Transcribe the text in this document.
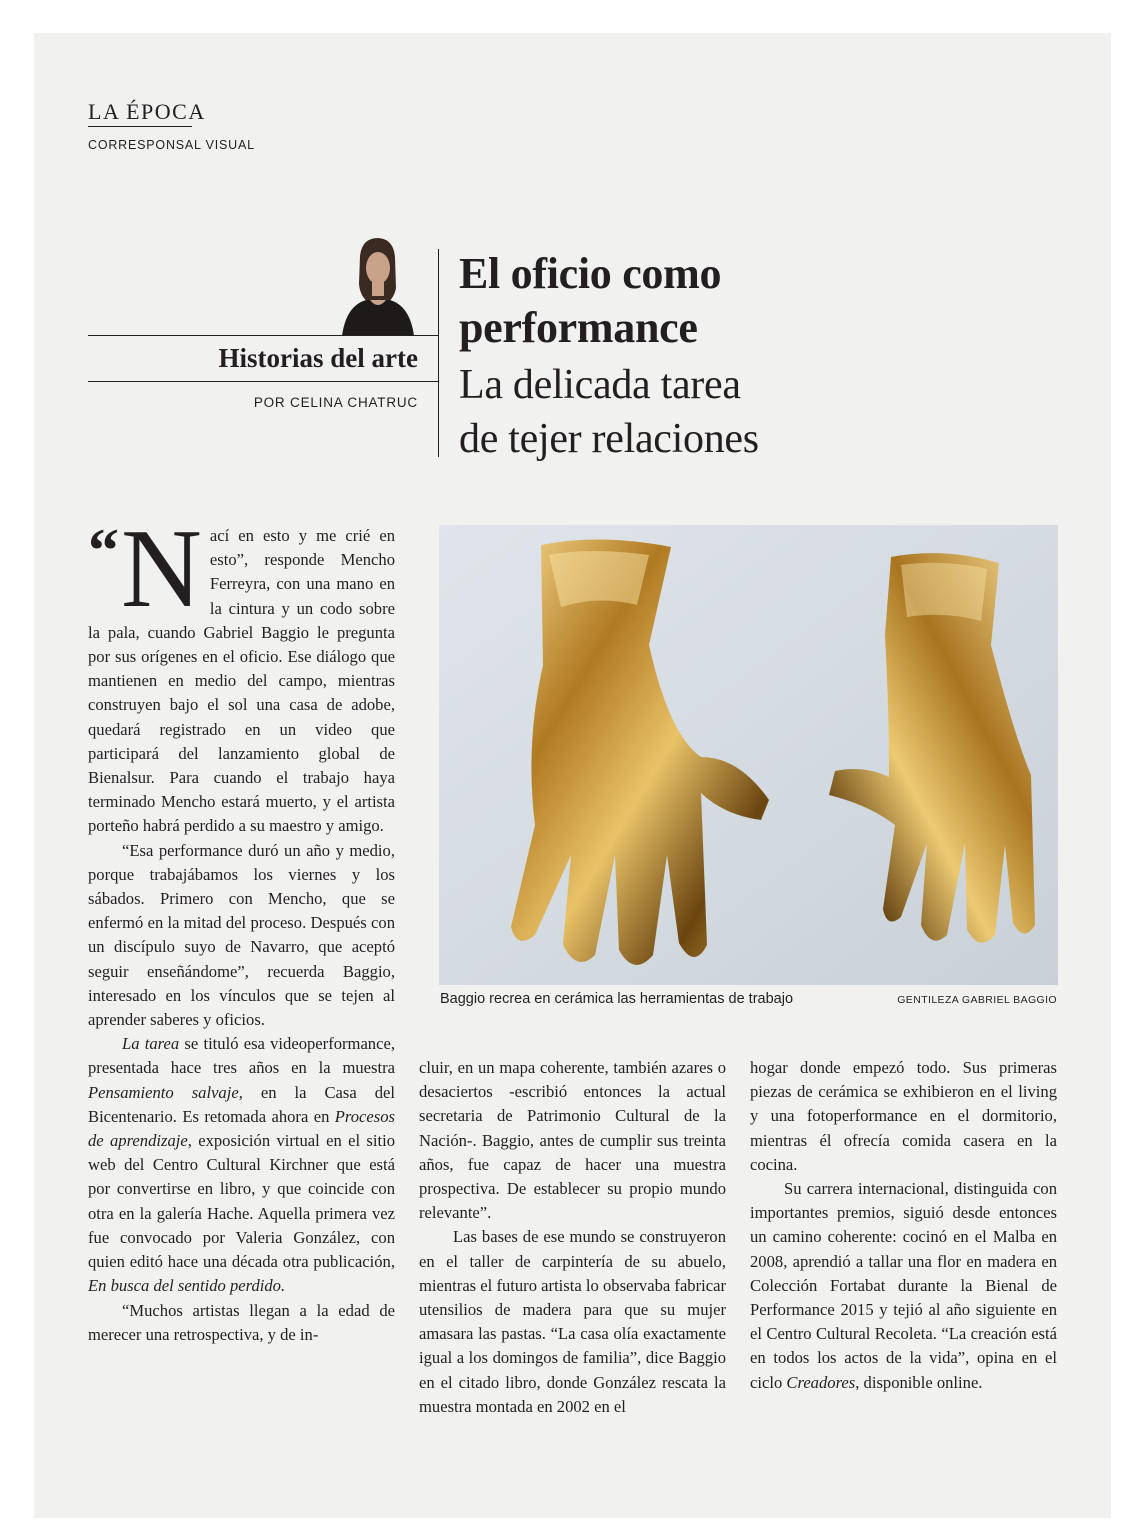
LA ÉPOCA
CORRESPONSAL VISUAL
Historias del arte
POR CELINA CHATRUC
El oficio como
performance
La delicada tarea
de tejer relaciones

“ N ací en esto y me crié en esto”, responde Mencho Ferreyra, con una mano en la cintura y un codo sobre la pala, cuando Gabriel Baggio le pregunta por sus orígenes en el oficio. Ese diálogo que mantienen en medio del campo, mientras construyen bajo el sol una casa de adobe, quedará registrado en un video que participará del lanzamiento global de Bienalsur. Para cuando el trabajo haya terminado Mencho estará muerto, y el artista porteño habrá perdido a su maestro y amigo.

“Esa performance duró un año y medio, porque trabajábamos los viernes y los sábados. Primero con Mencho, que se enfermó en la mitad del proceso. Después con un discípulo suyo de Navarro, que aceptó seguir enseñándome”, recuerda Baggio, interesado en los vínculos que se tejen al aprender saberes y oficios.

La tarea se tituló esa videoperformance, presentada hace tres años en la muestra Pensamiento salvaje, en la Casa del Bicentenario. Es retomada ahora en Procesos de aprendizaje, exposición virtual en el sitio web del Centro Cultural Kirchner que está por convertirse en libro, y que coincide con otra en la galería Hache. Aquella primera vez fue convocado por Valeria González, con quien editó hace una década otra publicación, En busca del sentido perdido.

“Muchos artistas llegan a la edad de merecer una retrospectiva, y de in-

Baggio recrea en cerámica las herramientas de trabajo	GENTILEZA GABRIEL BAGGIO

cluir, en un mapa coherente, también azares o desaciertos -escribió entonces la actual secretaria de Patrimonio Cultural de la Nación-. Baggio, antes de cumplir sus treinta años, fue capaz de hacer una muestra prospectiva. De establecer su propio mundo relevante”.

Las bases de ese mundo se construyeron en el taller de carpintería de su abuelo, mientras el futuro artista lo observaba fabricar utensilios de madera para que su mujer amasara las pastas. “La casa olía exactamente igual a los domingos de familia”, dice Baggio en el citado libro, donde González rescata la muestra montada en 2002 en el

hogar donde empezó todo. Sus primeras piezas de cerámica se exhibieron en el living y una fotoperformance en el dormitorio, mientras él ofrecía comida casera en la cocina.

Su carrera internacional, distinguida con importantes premios, siguió desde entonces un camino coherente: cocinó en el Malba en 2008, aprendió a tallar una flor en madera en Colección Fortabat durante la Bienal de Performance 2015 y tejió al año siguiente en el Centro Cultural Recoleta. “La creación está en todos los actos de la vida”, opina en el ciclo Creadores, disponible online.
